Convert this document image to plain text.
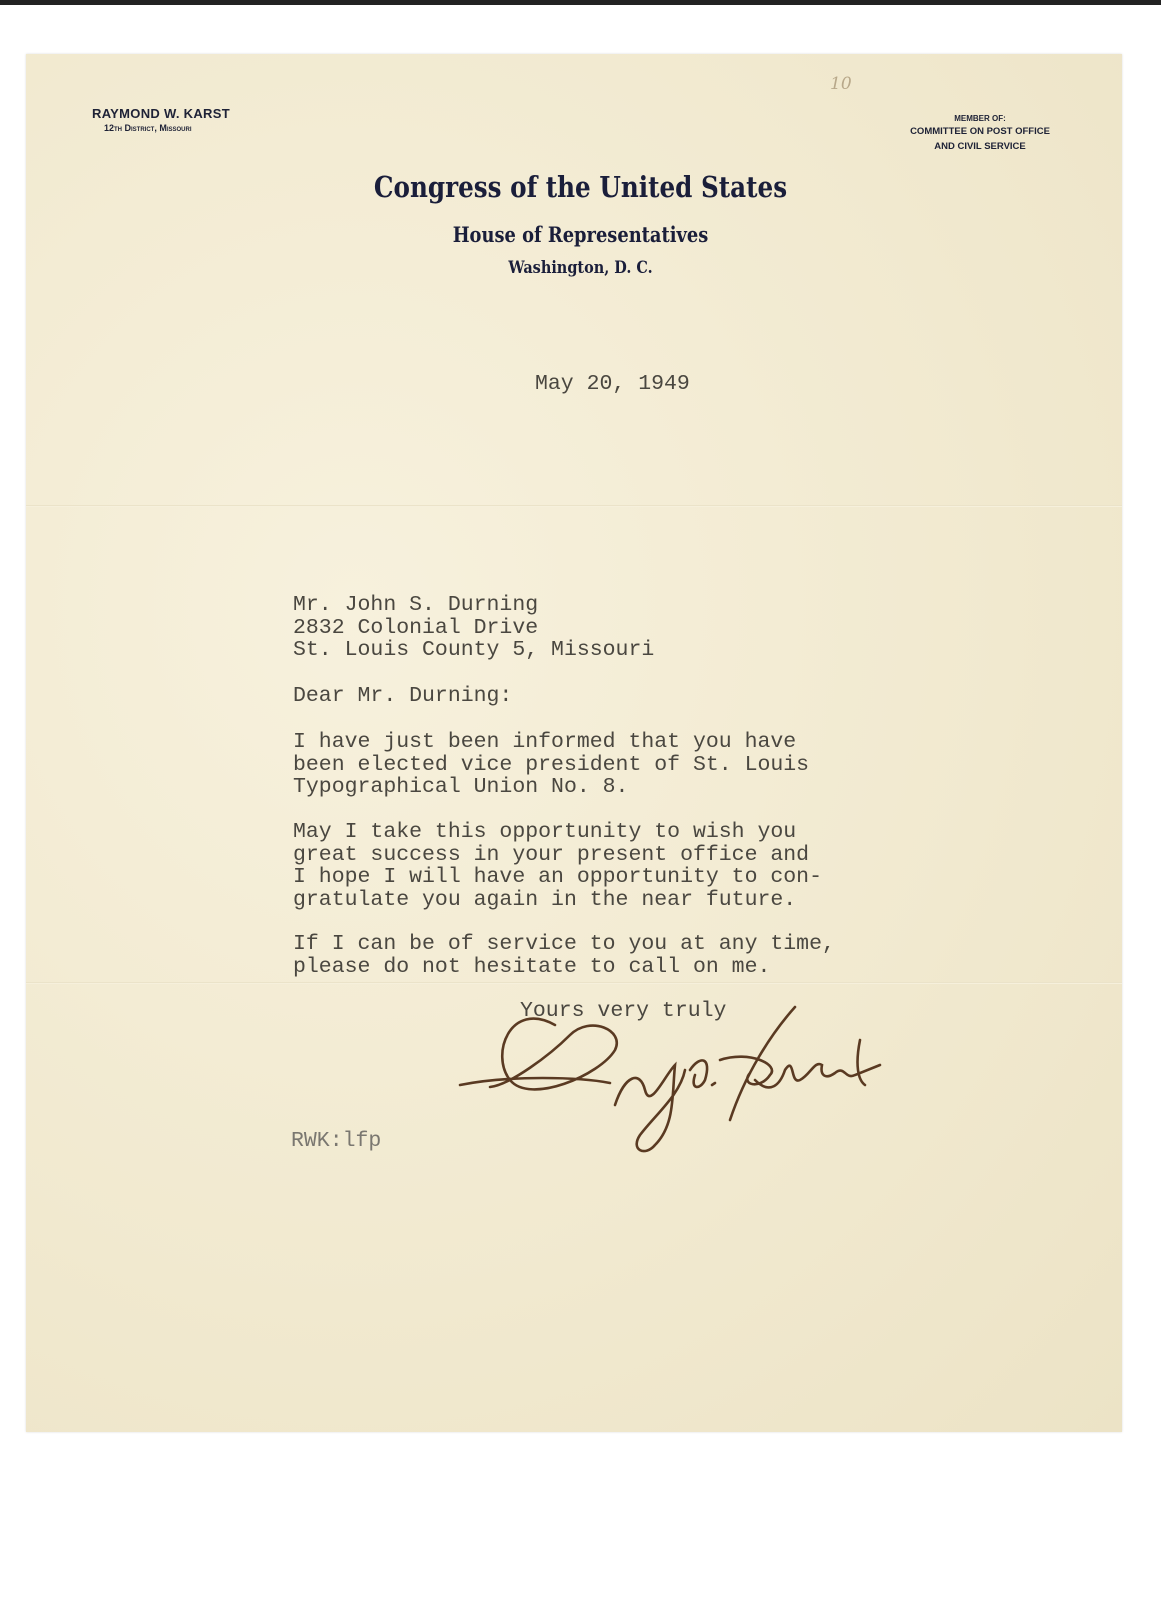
10
RAYMOND W. KARST
12th District, Missouri
MEMBER OF:
COMMITTEE ON POST OFFICE
AND CIVIL SERVICE
Congress of the United States
House of Representatives
Washington, D. C.
May 20, 1949
Mr. John S. Durning
2832 Colonial Drive
St. Louis County 5, Missouri
Dear Mr. Durning:
I have just been informed that you have
been elected vice president of St. Louis
Typographical Union No. 8.
May I take this opportunity to wish you
great success in your present office and
I hope I will have an opportunity to con-
gratulate you again in the near future.
If I can be of service to you at any time,
please do not hesitate to call on me.
Yours very truly
RWK:lfp
